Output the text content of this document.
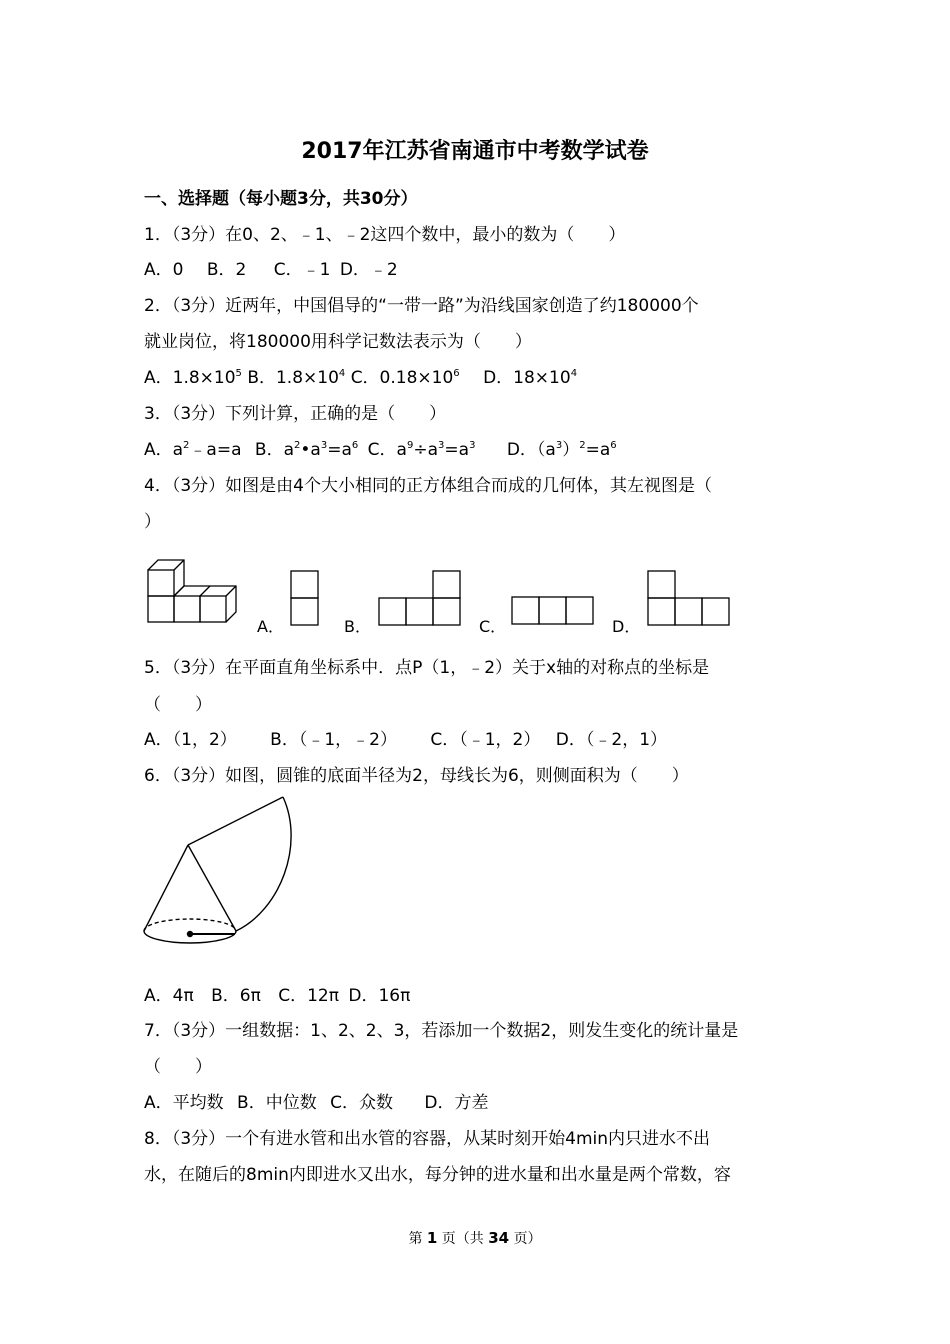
2017年江苏省南通市中考数学试卷
一、选择题（每小题3分，共30分）
1．（3分）在0、2、﹣1、﹣2这四个数中，最小的数为（　　）
A．0 B．2 C．﹣1 D．﹣2
2．（3分）近两年，中国倡导的“一带一路”为沿线国家创造了约180000个
就业岗位，将180000用科学记数法表示为（　　）
A．$1.8\times 10^5$ B．$1.8\times 10^4$ C．$0.18\times 10^6$ D．$18\times 10^4$
3．（3分）下列计算，正确的是（　　）
A．$a^2﹣a=a$ B．$a^2•a^3=a^6$ C．$a^9\div a^3=a^3$ D．$(a^3)^2=a^6$
4．（3分）如图是由4个大小相同的正方体组合而成的几何体，其左视图是（
）
A．	B．	C．	D．
5．（3分）在平面直角坐标系中．点P（1，﹣2）关于x轴的对称点的坐标是
（　　）
A．（1，2） B．（﹣1，﹣2） C．（﹣1，2） D．（﹣2，1）
6．（3分）如图，圆锥的底面半径为2，母线长为6，则侧面积为（　　）
A．4π B．6π C．12π D．16π
7．（3分）一组数据：1、2、2、3，若添加一个数据2，则发生变化的统计量是
（　　）
A．平均数 B．中位数 C．众数 D．方差
8．（3分）一个有进水管和出水管的容器，从某时刻开始4min内只进水不出
水，在随后的8min内即进水又出水，每分钟的进水量和出水量是两个常数，容
第 1 页（共 34 页）
